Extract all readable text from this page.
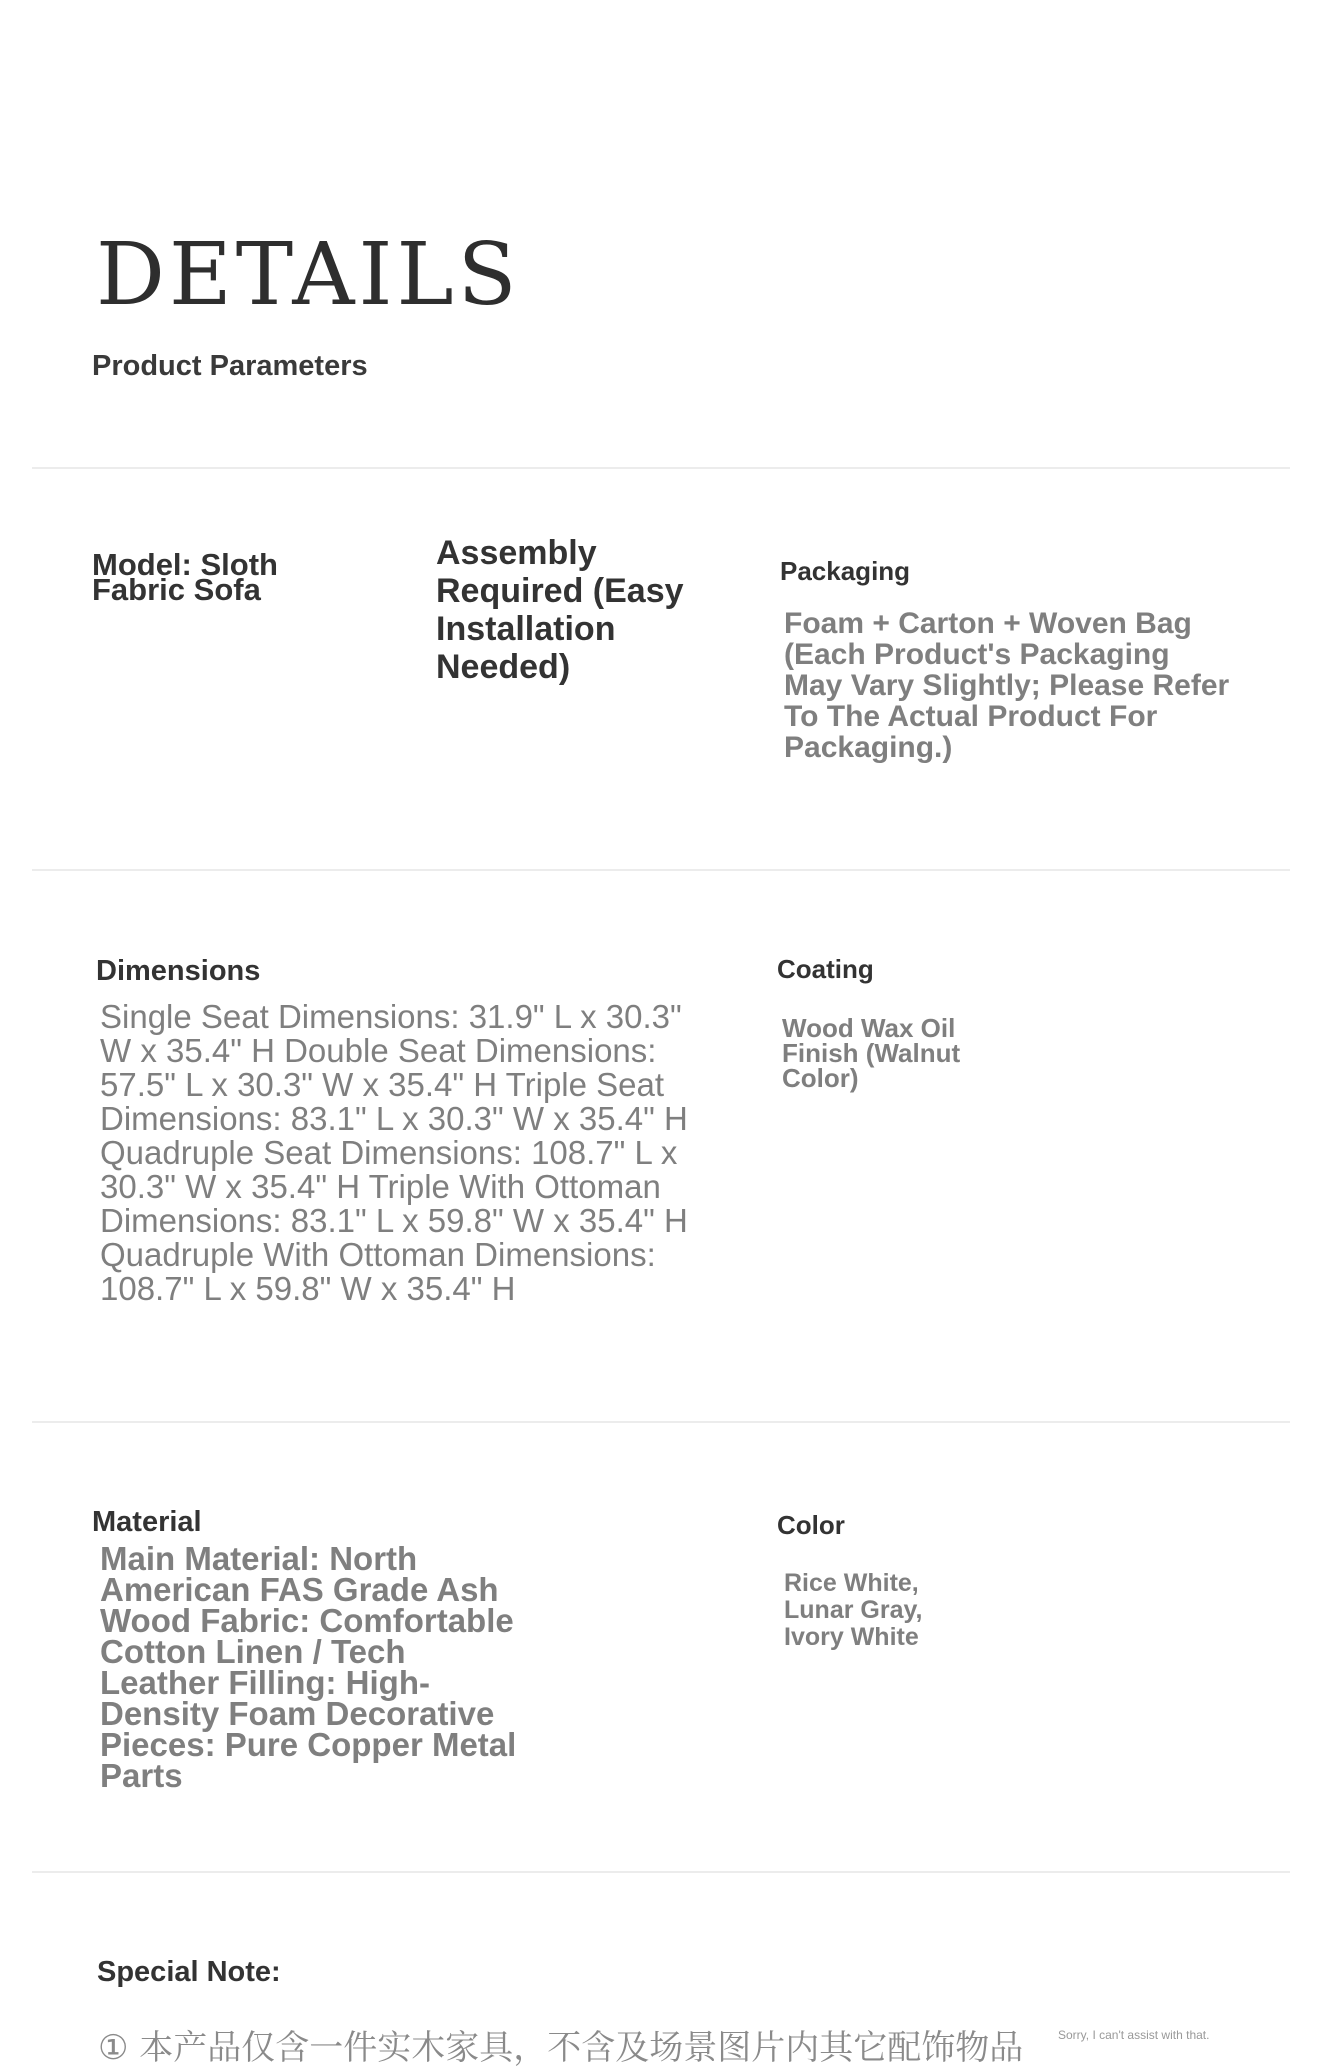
DETAILS
Product Parameters
Model: Sloth Fabric Sofa
Assembly Required (Easy Installation Needed)
Packaging
Foam + Carton + Woven Bag (Each Product's Packaging May Vary Slightly; Please Refer To The Actual Product For Packaging.)
Dimensions
Single Seat Dimensions: 31.9" L x 30.3" W x 35.4" H Double Seat Dimensions: 57.5" L x 30.3" W x 35.4" H Triple Seat Dimensions: 83.1" L x 30.3" W x 35.4" H Quadruple Seat Dimensions: 108.7" L x 30.3" W x 35.4" H Triple With Ottoman Dimensions: 83.1" L x 59.8" W x 35.4" H Quadruple With Ottoman Dimensions: 108.7" L x 59.8" W x 35.4" H
Coating
Wood Wax Oil Finish (Walnut Color)
Material
Main Material: North American FAS Grade Ash Wood Fabric: Comfortable Cotton Linen / Tech Leather Filling: High-Density Foam Decorative Pieces: Pure Copper Metal Parts
Color
Rice White, Lunar Gray, Ivory White
Special Note:
① 本产品仅含一件实木家具，不含及场景图片内其它配饰物品	Sorry, I can't assist with that.
